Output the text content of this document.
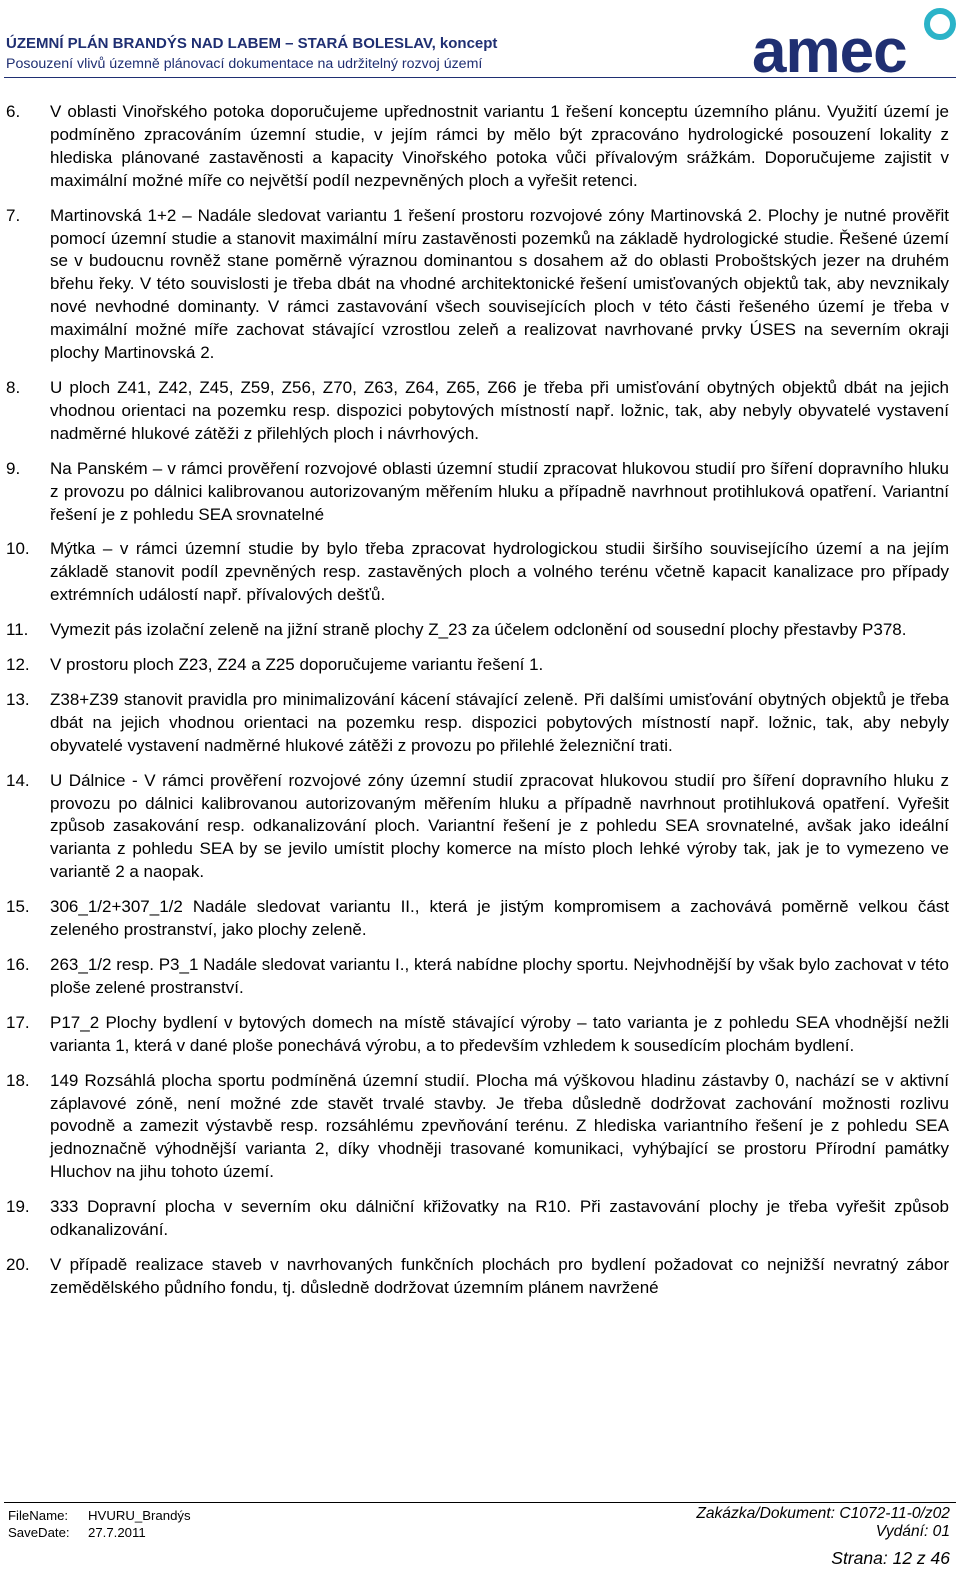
ÚZEMNÍ PLÁN BRANDÝS NAD LABEM – STARÁ BOLESLAV, koncept
Posouzení vlivů územně plánovací dokumentace na udržitelný rozvoj území	amec
6. V oblasti Vinořského potoka doporučujeme upřednostnit variantu 1 řešení konceptu územního plánu. Využití území je podmíněno zpracováním územní studie, v jejím rámci by mělo být zpracováno hydrologické posouzení lokality z hlediska plánované zastavěnosti a kapacity Vinořského potoka vůči přívalovým srážkám. Doporučujeme zajistit v maximální možné míře co největší podíl nezpevněných ploch a vyřešit retenci.
7. Martinovská 1+2 – Nadále sledovat variantu 1 řešení prostoru rozvojové zóny Martinovská 2. Plochy je nutné prověřit pomocí územní studie a stanovit maximální míru zastavěnosti pozemků na základě hydrologické studie. Řešené území se v budoucnu rovněž stane poměrně výraznou dominantou s dosahem až do oblasti Proboštských jezer na druhém břehu řeky. V této souvislosti je třeba dbát na vhodné architektonické řešení umisťovaných objektů tak, aby nevznikaly nové nevhodné dominanty. V rámci zastavování všech souvisejících ploch v této části řešeného území je třeba v maximální možné míře zachovat stávající vzrostlou zeleň a realizovat navrhované prvky ÚSES na severním okraji plochy Martinovská 2.
8. U ploch Z41, Z42, Z45, Z59, Z56, Z70, Z63, Z64, Z65, Z66 je třeba při umisťování obytných objektů dbát na jejich vhodnou orientaci na pozemku resp. dispozici pobytových místností např. ložnic, tak, aby nebyly obyvatelé vystavení nadměrné hlukové zátěži z přilehlých ploch i návrhových.
9. Na Panském – v rámci prověření rozvojové oblasti územní studií zpracovat hlukovou studií pro šíření dopravního hluku z provozu po dálnici kalibrovanou autorizovaným měřením hluku a případně navrhnout protihluková opatření. Variantní řešení je z pohledu SEA srovnatelné
10. Mýtka – v rámci územní studie by bylo třeba zpracovat hydrologickou studii širšího souvisejícího území a na jejím základě stanovit podíl zpevněných resp. zastavěných ploch a volného terénu včetně kapacit kanalizace pro případy extrémních událostí např. přívalových dešťů.
11. Vymezit pás izolační zeleně na jižní straně plochy Z_23 za účelem odclonění od sousední plochy přestavby P378.
12. V prostoru ploch Z23, Z24 a Z25 doporučujeme variantu řešení 1.
13. Z38+Z39 stanovit pravidla pro minimalizování kácení stávající zeleně. Při dalšími umisťování obytných objektů je třeba dbát na jejich vhodnou orientaci na pozemku resp. dispozici pobytových místností např. ložnic, tak, aby nebyly obyvatelé vystavení nadměrné hlukové zátěži z provozu po přilehlé železniční trati.
14. U Dálnice - V rámci prověření rozvojové zóny územní studií zpracovat hlukovou studií pro šíření dopravního hluku z provozu po dálnici kalibrovanou autorizovaným měřením hluku a případně navrhnout protihluková opatření. Vyřešit způsob zasakování resp. odkanalizování ploch. Variantní řešení je z pohledu SEA srovnatelné, avšak jako ideální varianta z pohledu SEA by se jevilo umístit plochy komerce na místo ploch lehké výroby tak, jak je to vymezeno ve variantě 2 a naopak.
15. 306_1/2+307_1/2 Nadále sledovat variantu II., která je jistým kompromisem a zachovává poměrně velkou část zeleného prostranství, jako plochy zeleně.
16. 263_1/2 resp. P3_1 Nadále sledovat variantu I., která nabídne plochy sportu. Nejvhodnější by však bylo zachovat v této ploše zelené prostranství.
17. P17_2 Plochy bydlení v bytových domech na místě stávající výroby – tato varianta je z pohledu SEA vhodnější nežli varianta 1, která v dané ploše ponechává výrobu, a to především vzhledem k sousedícím plochám bydlení.
18. 149 Rozsáhlá plocha sportu podmíněná územní studií. Plocha má výškovou hladinu zástavby 0, nachází se v aktivní záplavové zóně, není možné zde stavět trvalé stavby. Je třeba důsledně dodržovat zachování možnosti rozlivu povodně a zamezit výstavbě resp. rozsáhlému zpevňování terénu. Z hlediska variantního řešení je z pohledu SEA jednoznačně výhodnější varianta 2, díky vhodněji trasované komunikaci, vyhýbající se prostoru Přírodní památky Hluchov na jihu tohoto území.
19. 333 Dopravní plocha v severním oku dálniční křižovatky na R10. Při zastavování plochy je třeba vyřešit způsob odkanalizování.
20. V případě realizace staveb v navrhovaných funkčních plochách pro bydlení požadovat co nejnižší nevratný zábor zemědělského půdního fondu, tj. důsledně dodržovat územním plánem navržené
FileName: HVURU_Brandýs
SaveDate: 27.7.2011
Zakázka/Dokument: C1072-11-0/z02
Vydání: 01
Strana: 12 z 46
